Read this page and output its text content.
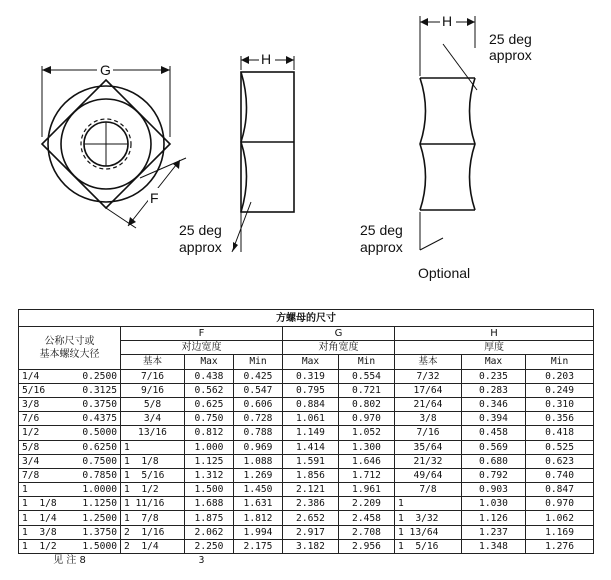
G
F
H
25 deg
approx
H
25 deg
approx
25 deg
approx
Optional
方螺母的尺寸									
公称尺寸或
基本螺纹大径		F			G		H		
		对边宽度			对角宽度		厚度		
		基本	Max	Min	Max	Min	基本	Max	Min
1/4	0.2500	7/16	0.438	0.425	0.319	0.554	7/32	0.235	0.203
5/16	0.3125	9/16	0.562	0.547	0.795	0.721	17/64	0.283	0.249
3/8	0.3750	5/8	0.625	0.606	0.884	0.802	21/64	0.346	0.310
7/6	0.4375	3/4	0.750	0.728	1.061	0.970	3/8	0.394	0.356
1/2	0.5000	13/16	0.812	0.788	1.149	1.052	7/16	0.458	0.418
5/8	0.6250	1	1.000	0.969	1.414	1.300	35/64	0.569	0.525
3/4	0.7500	1  1/8	1.125	1.088	1.591	1.646	21/32	0.680	0.623
7/8	0.7850	1  5/16	1.312	1.269	1.856	1.712	49/64	0.792	0.740
1	1.0000	1  1/2	1.500	1.450	2.121	1.961	7/8	0.903	0.847
1  1/8	1.1250	1 11/16	1.688	1.631	2.386	2.209	1	1.030	0.970
1  1/4	1.2500	1  7/8	1.875	1.812	2.652	2.458	1  3/32	1.126	1.062
1  3/8	1.3750	2  1/16	2.062	1.994	2.917	2.708	1 13/64	1.237	1.169
1  1/2	1.5000	2  1/4	2.250	2.175	3.182	2.956	1  5/16	1.348	1.276
见 注 8		3							
